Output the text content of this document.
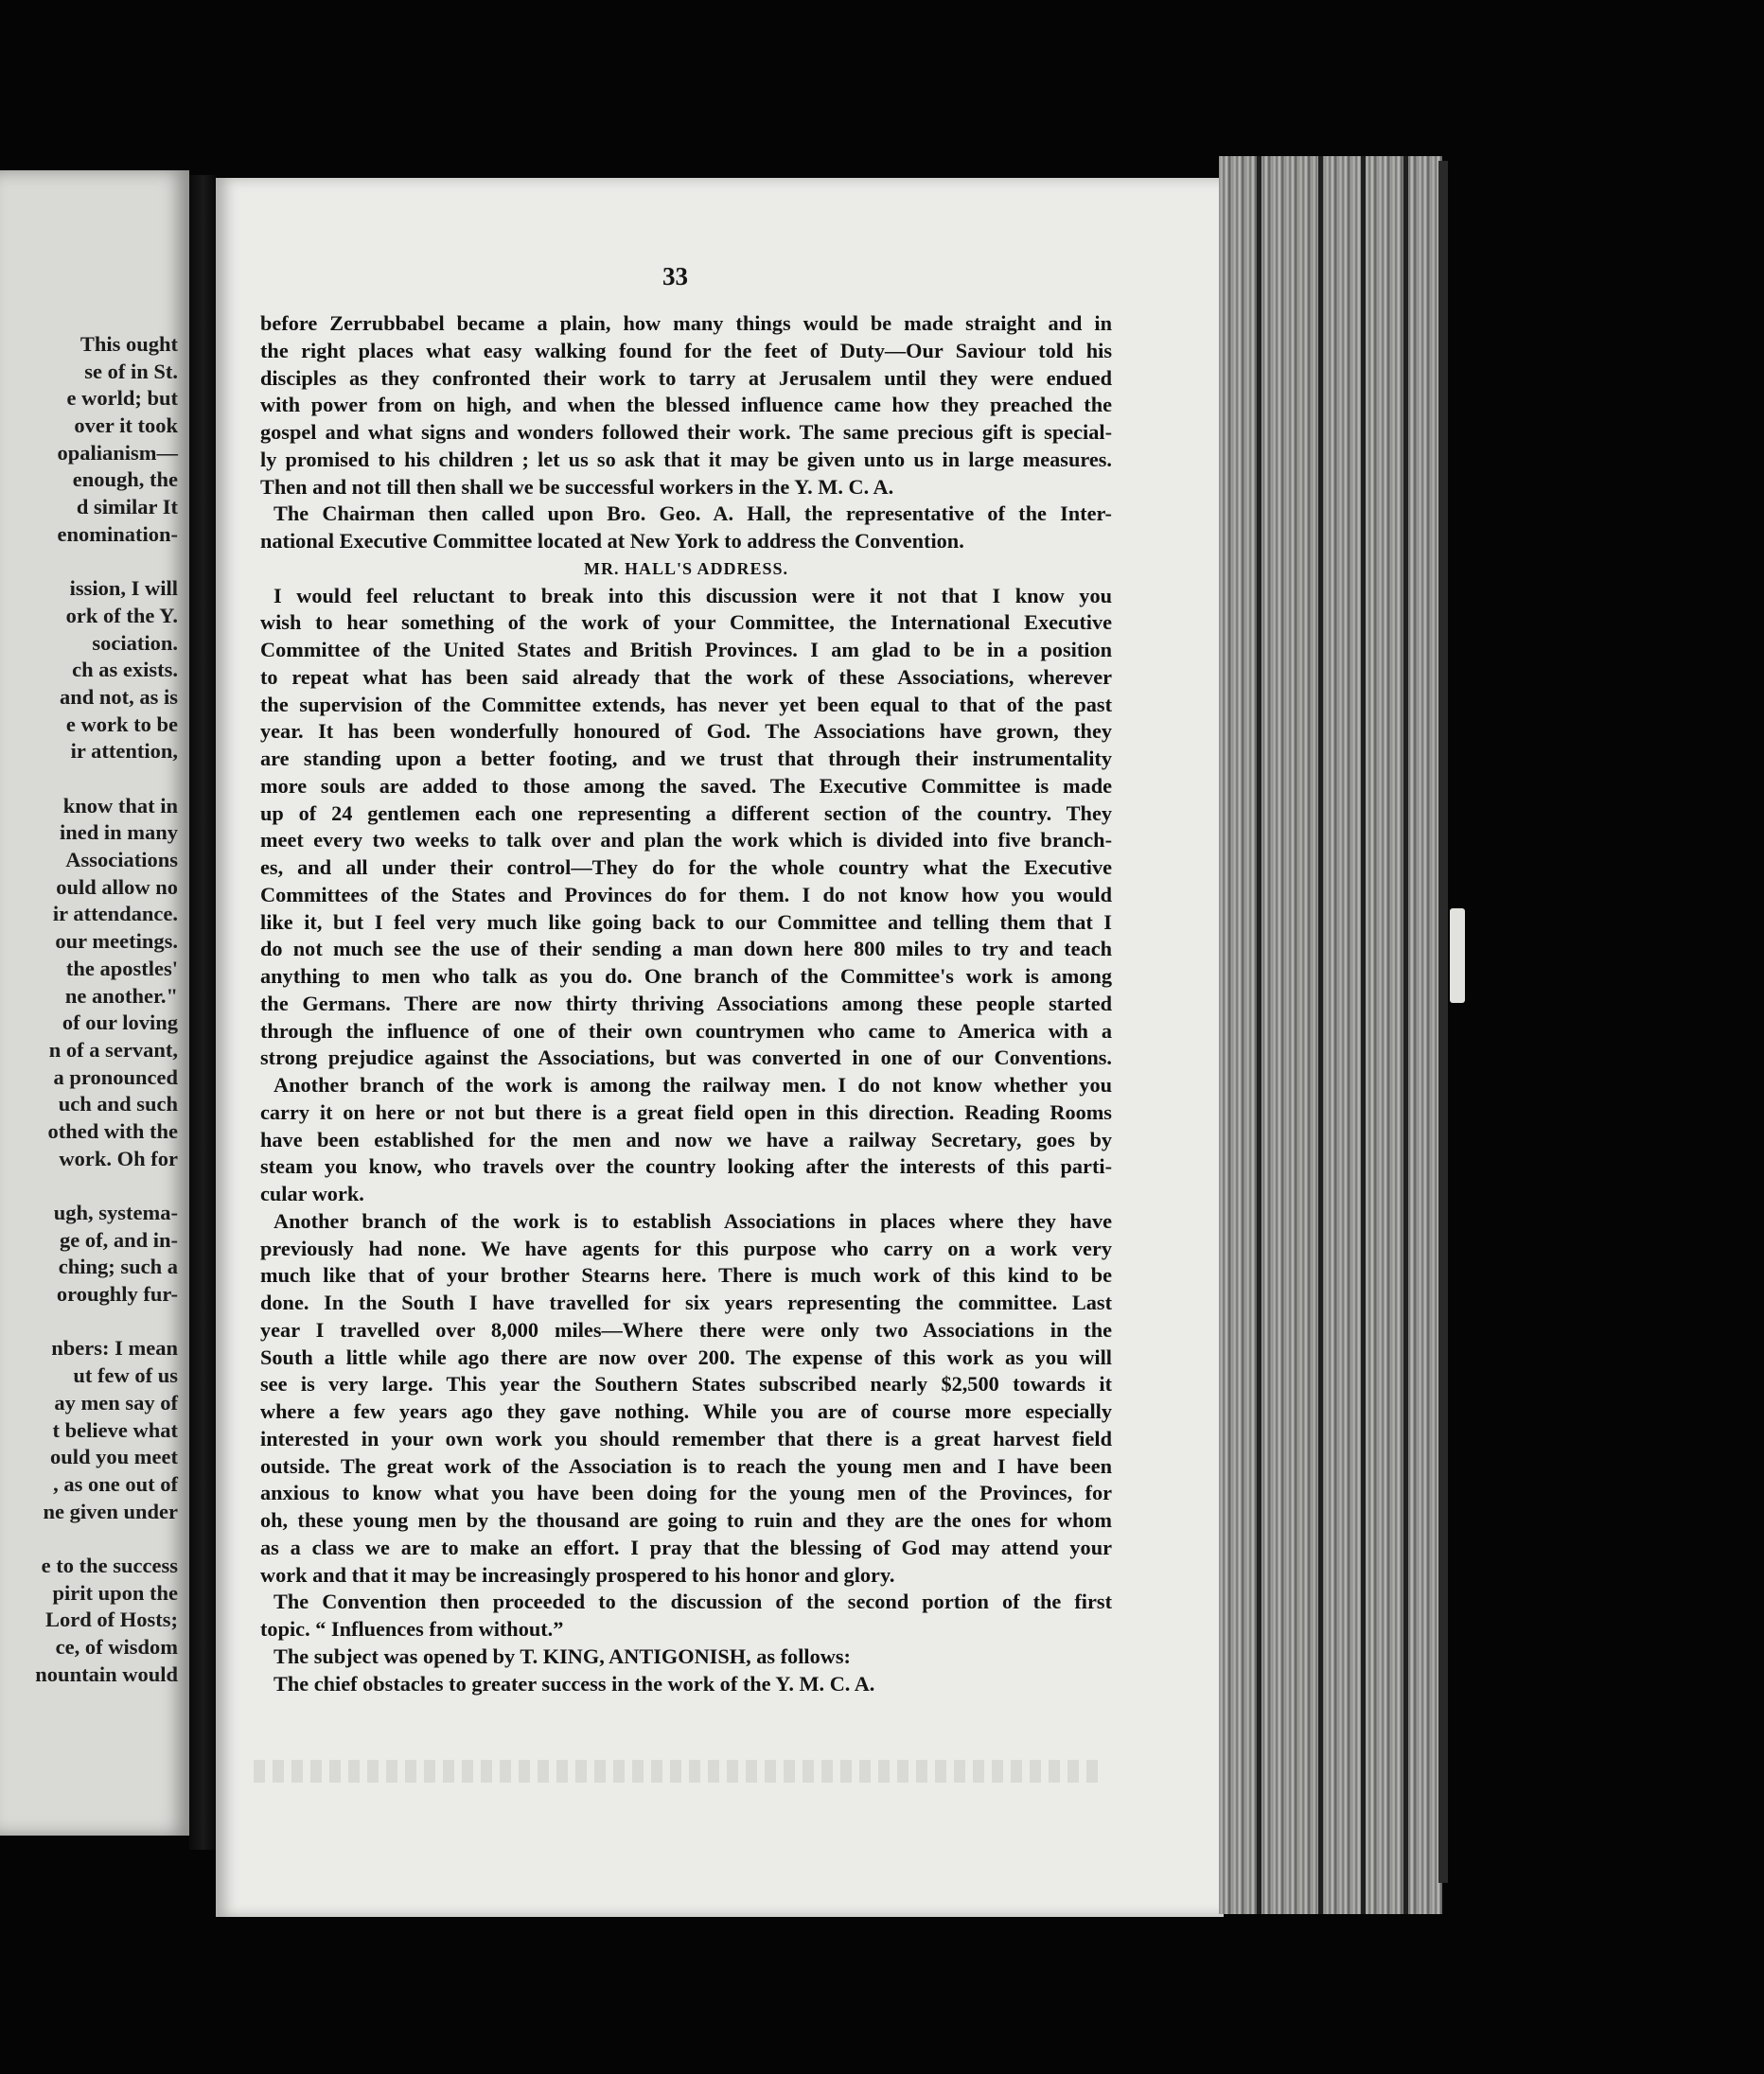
This ought
se of in St.
e world; but
over it took
opalianism—
enough, the
d similar It
enomination-
ission, I will
ork of the Y.
sociation.
ch as exists.
and not, as is
e work to be
ir attention,
know that in
ined in many
Associations
ould allow no
ir attendance.
our meetings.
the apostles'
ne another."
of our loving
n of a servant,
a pronounced
uch and such
othed with the
work. Oh for
ugh, systema-
ge of, and in-
ching; such a
oroughly fur-
nbers: I mean
ut few of us
ay men say of
t believe what
ould you meet
, as one out of
ne given under
e to the success
pirit upon the
Lord of Hosts;
ce, of wisdom
nountain would
33
before Zerrubbabel became a plain, how many things would be made straight and in
the right places what easy walking found for the feet of Duty—Our Saviour told his
disciples as they confronted their work to tarry at Jerusalem until they were endued
with power from on high, and when the blessed influence came how they preached the
gospel and what signs and wonders followed their work. The same precious gift is special-
ly promised to his children ; let us so ask that it may be given unto us in large measures.
Then and not till then shall we be successful workers in the Y. M. C. A.
The Chairman then called upon Bro. Geo. A. Hall, the representative of the Inter-
national Executive Committee located at New York to address the Convention.
MR. HALL'S ADDRESS.
I would feel reluctant to break into this discussion were it not that I know you
wish to hear something of the work of your Committee, the International Executive
Committee of the United States and British Provinces. I am glad to be in a position
to repeat what has been said already that the work of these Associations, wherever
the supervision of the Committee extends, has never yet been equal to that of the past
year. It has been wonderfully honoured of God. The Associations have grown, they
are standing upon a better footing, and we trust that through their instrumentality
more souls are added to those among the saved. The Executive Committee is made
up of 24 gentlemen each one representing a different section of the country. They
meet every two weeks to talk over and plan the work which is divided into five branch-
es, and all under their control—They do for the whole country what the Executive
Committees of the States and Provinces do for them. I do not know how you would
like it, but I feel very much like going back to our Committee and telling them that I
do not much see the use of their sending a man down here 800 miles to try and teach
anything to men who talk as you do. One branch of the Committee's work is among
the Germans. There are now thirty thriving Associations among these people started
through the influence of one of their own countrymen who came to America with a
strong prejudice against the Associations, but was converted in one of our Conventions.
Another branch of the work is among the railway men. I do not know whether you
carry it on here or not but there is a great field open in this direction. Reading Rooms
have been established for the men and now we have a railway Secretary, goes by
steam you know, who travels over the country looking after the interests of this parti-
cular work.
Another branch of the work is to establish Associations in places where they have
previously had none. We have agents for this purpose who carry on a work very
much like that of your brother Stearns here. There is much work of this kind to be
done. In the South I have travelled for six years representing the committee. Last
year I travelled over 8,000 miles—Where there were only two Associations in the
South a little while ago there are now over 200. The expense of this work as you will
see is very large. This year the Southern States subscribed nearly $2,500 towards it
where a few years ago they gave nothing. While you are of course more especially
interested in your own work you should remember that there is a great harvest field
outside. The great work of the Association is to reach the young men and I have been
anxious to know what you have been doing for the young men of the Provinces, for
oh, these young men by the thousand are going to ruin and they are the ones for whom
as a class we are to make an effort. I pray that the blessing of God may attend your
work and that it may be increasingly prospered to his honor and glory.
The Convention then proceeded to the discussion of the second portion of the first
topic. “ Influences from without.”
The subject was opened by T. KING, ANTIGONISH, as follows:
The chief obstacles to greater success in the work of the Y. M. C. A.
